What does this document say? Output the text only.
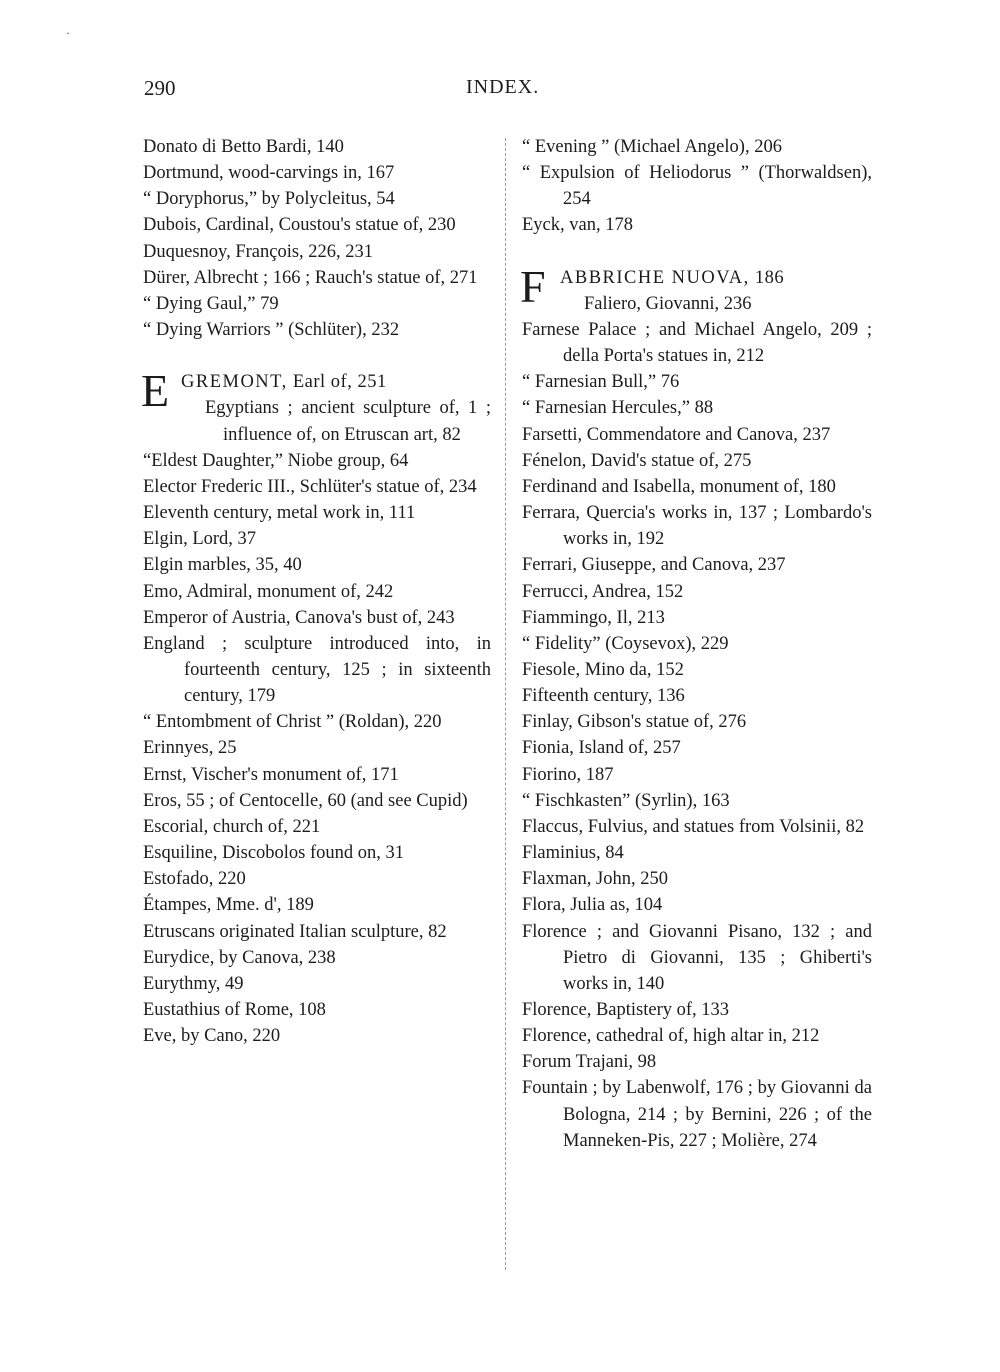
290	INDEX.
Donato di Betto Bardi, 140
Dortmund, wood-carvings in, 167
“ Doryphorus,” by Polycleitus, 54
Dubois, Cardinal, Coustou's statue of, 230
Duquesnoy, François, 226, 231
Dürer, Albrecht ; 166 ; Rauch's statue of, 271
“ Dying Gaul,” 79
“ Dying Warriors ” (Schlüter), 232
E GREMONT, Earl of, 251
Egyptians ; ancient sculpture of, 1 ; influence of, on Etruscan art, 82
“Eldest Daughter,” Niobe group, 64
Elector Frederic III., Schlüter's statue of, 234
Eleventh century, metal work in, 111
Elgin, Lord, 37
Elgin marbles, 35, 40
Emo, Admiral, monument of, 242
Emperor of Austria, Canova's bust of, 243
England ; sculpture introduced into, in fourteenth century, 125 ; in sixteenth century, 179
“ Entombment of Christ ” (Roldan), 220
Erinnyes, 25
Ernst, Vischer's monument of, 171
Eros, 55 ; of Centocelle, 60 (and see Cupid)
Escorial, church of, 221
Esquiline, Discobolos found on, 31
Estofado, 220
Étampes, Mme. d', 189
Etruscans originated Italian sculpture, 82
Eurydice, by Canova, 238
Eurythmy, 49
Eustathius of Rome, 108
Eve, by Cano, 220
“ Evening ” (Michael Angelo), 206
“ Expulsion of Heliodorus ” (Thorwaldsen), 254
Eyck, van, 178
F ABBRICHE NUOVA, 186
Faliero, Giovanni, 236
Farnese Palace ; and Michael Angelo, 209 ; della Porta's statues in, 212
“ Farnesian Bull,” 76
“ Farnesian Hercules,” 88
Farsetti, Commendatore and Canova, 237
Fénelon, David's statue of, 275
Ferdinand and Isabella, monument of, 180
Ferrara, Quercia's works in, 137 ; Lombardo's works in, 192
Ferrari, Giuseppe, and Canova, 237
Ferrucci, Andrea, 152
Fiammingo, Il, 213
“ Fidelity” (Coysevox), 229
Fiesole, Mino da, 152
Fifteenth century, 136
Finlay, Gibson's statue of, 276
Fionia, Island of, 257
Fiorino, 187
“ Fischkasten” (Syrlin), 163
Flaccus, Fulvius, and statues from Volsinii, 82
Flaminius, 84
Flaxman, John, 250
Flora, Julia as, 104
Florence ; and Giovanni Pisano, 132 ; and Pietro di Giovanni, 135 ; Ghiberti's works in, 140
Florence, Baptistery of, 133
Florence, cathedral of, high altar in, 212
Forum Trajani, 98
Fountain ; by Labenwolf, 176 ; by Giovanni da Bologna, 214 ; by Bernini, 226 ; of the Manneken-Pis, 227 ; Molière, 274
·
